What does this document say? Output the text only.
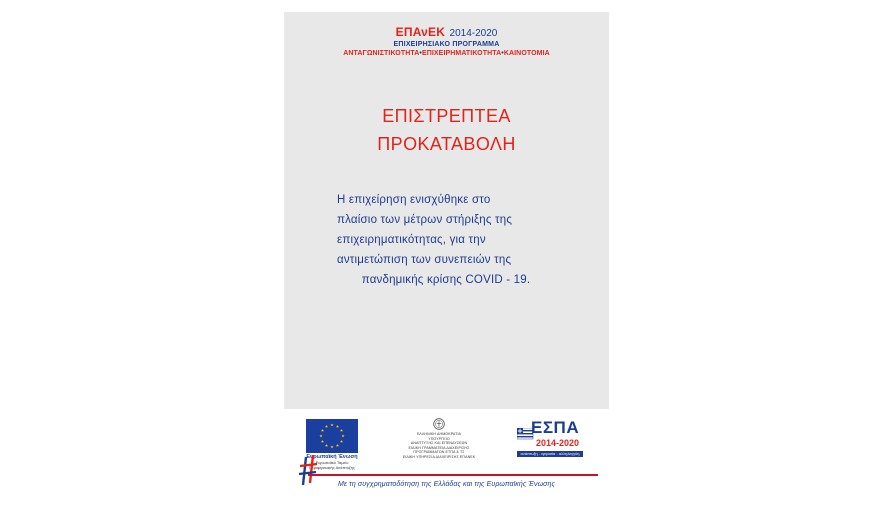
ΕΠΑνΕΚ 2014-2020
ΕΠΙΧΕΙΡΗΣΙΑΚΟ ΠΡΟΓΡΑΜΜΑ
ΑΝΤΑΓΩΝΙΣΤΙΚΟΤΗΤΑ•ΕΠΙΧΕΙΡΗΜΑΤΙΚΟΤΗΤΑ•ΚΑΙΝΟΤΟΜΙΑ
ΕΠΙΣΤΡΕΠΤΕΑ
ΠΡΟΚΑΤΑΒΟΛΗ
Η επιχείρηση ενισχύθηκε στο
πλαίσιο των μέτρων στήριξης της
επιχειρηματικότητας, για την
αντιμετώπιση των συνεπειών της
πανδημικής κρίσης COVID - 19.
Ευρωπαϊκή Ένωση
Ευρωπαϊκό Ταμείο
Περιφερειακής Ανάπτυξης
ΕΛΛΗΝΙΚΗ ΔΗΜΟΚΡΑΤΙΑ
ΥΠΟΥΡΓΕΙΟ
ΑΝΑΠΤΥΞΗΣ ΚΑΙ ΕΠΕΝΔΥΣΕΩΝ
ΕΙΔΙΚΗ ΓΡΑΜΜΑΤΕΙΑ ΔΙΑΧΕΙΡΙΣΗΣ
ΠΡΟΓΡΑΜΜΑΤΩΝ ΕΤΠΑ & ΤΣ
ΕΙΔΙΚΗ ΥΠΗΡΕΣΙΑ ΔΙΑΧΕΙΡΙΣΗΣ ΕΠΑΝΕΚ
ΕΣΠΑ
2014-2020
ανάπτυξη - εργασία - αλληλεγγύη
Με τη συγχρηματοδότηση της Ελλάδας και της Ευρωπαϊκής Ένωσης
